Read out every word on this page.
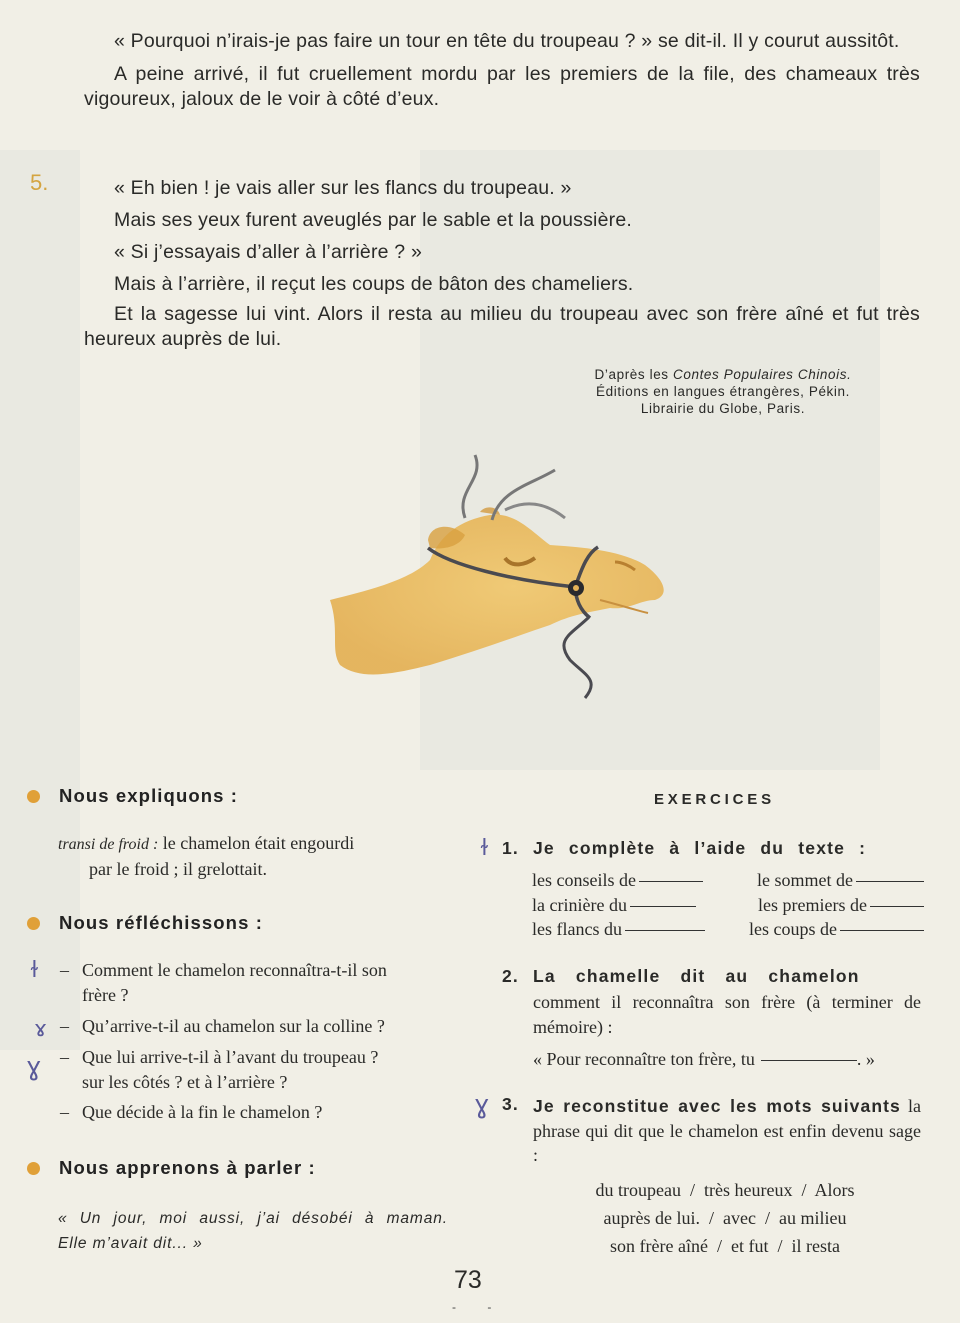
« Pourquoi n’irais-je pas faire un tour en tête du troupeau ? » se dit-il. Il y courut aussitôt.

A peine arrivé, il fut cruellement mordu par les premiers de la file, des chameaux très vigoureux, jaloux de le voir à côté d’eux.

5.	« Eh bien ! je vais aller sur les flancs du troupeau. »

Mais ses yeux furent aveuglés par le sable et la poussière.

« Si j’essayais d’aller à l’arrière ? »

Mais à l’arrière, il reçut les coups de bâton des chameliers.

Et la sagesse lui vint. Alors il resta au milieu du troupeau avec son frère aîné et fut très heureux auprès de lui.

D’après les Contes Populaires Chinois.
Éditions en langues étrangères, Pékin.
Librairie du Globe, Paris.
Nous expliquons :
transi de froid : le chamelon était engourdi
par le froid ; il grelottait.
Nous réfléchissons :
– Comment le chamelon reconnaîtra-t-il son
frère ?
– Qu’arrive-t-il au chamelon sur la colline ?
– Que lui arrive-t-il à l’avant du troupeau ?
sur les côtés ? et à l’arrière ?
– Que décide à la fin le chamelon ?
ɫ
ɤ
ɣ
Nous apprenons à parler :
« Un jour, moi aussi, j’ai désobéi à maman.
Elle m’avait dit... »
EXERCICES
ɫ 1. Je complète à l’aide du texte :
les conseils de	le sommet de
la crinière du	les premiers de
les flancs du	les coups de
2. La chamelle dit au chamelon
comment il reconnaîtra son frère (à terminer de mémoire) :
« Pour reconnaître ton frère, tu	. »
ɣ 3. Je reconstitue avec les mots suivants la phrase qui dit que le chamelon est enfin devenu sage :
du troupeau  /  très heureux  /  Alors
auprès de lui.  /  avec  /  au milieu
son frère aîné  /  et fut  /  il resta
73
- -
